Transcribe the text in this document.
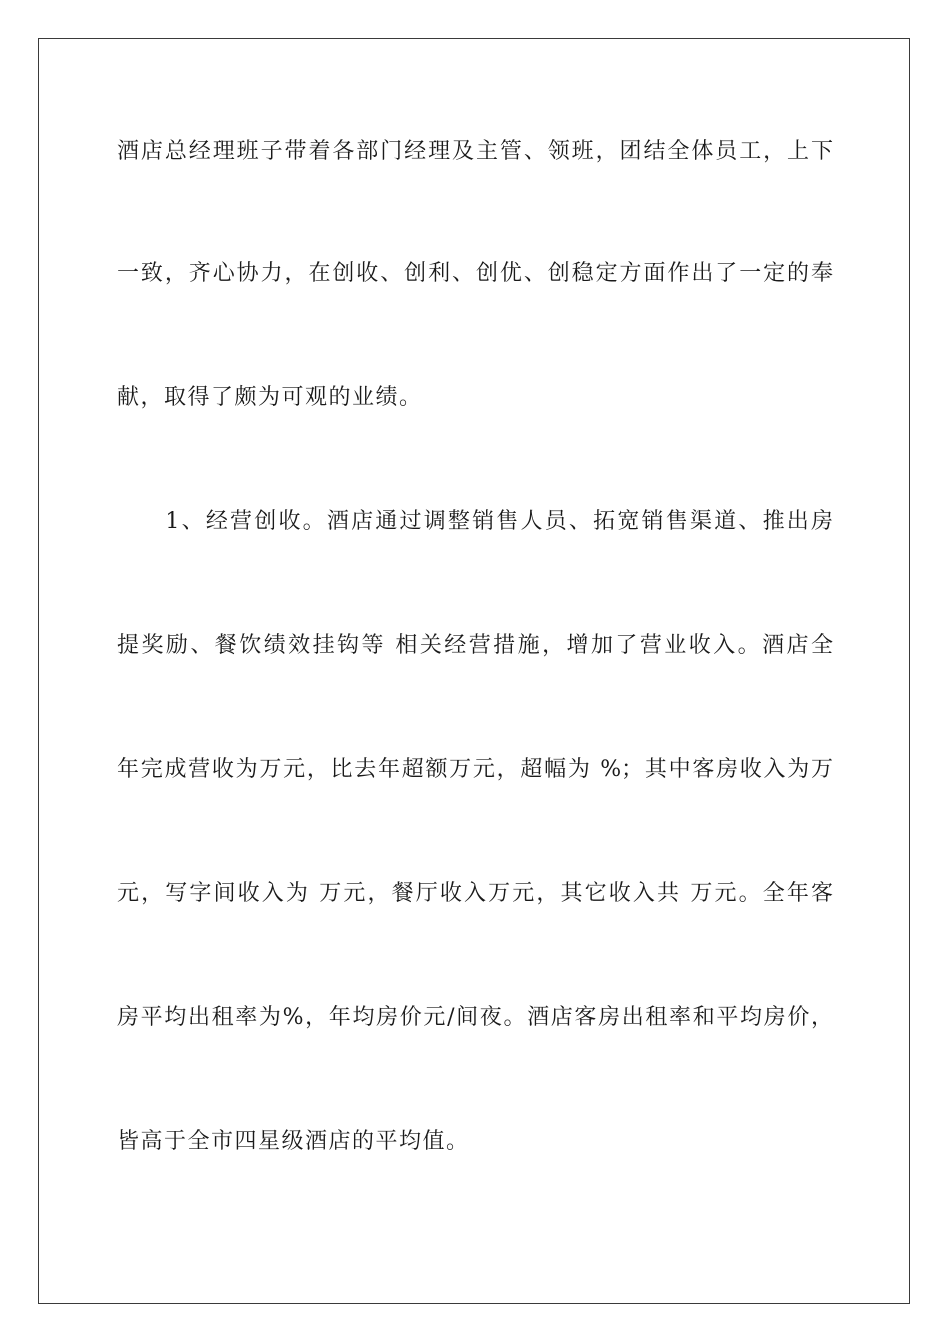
酒店总经理班子带着各部门经理及主管、领班，团结全体员工，上下
一致，齐心协力，在创收、创利、创优、创稳定方面作出了一定的奉
献，取得了颇为可观的业绩。
　　1、经营创收。酒店通过调整销售人员、拓宽销售渠道、推出房
提奖励、餐饮绩效挂钩等 相关经营措施，增加了营业收入。酒店全
年完成营收为万元，比去年超额万元，超幅为 %；其中客房收入为万
元，写字间收入为 万元，餐厅收入万元，其它收入共 万元。全年客
房平均出租率为%，年均房价元/间夜。酒店客房出租率和平均房价，
皆高于全市四星级酒店的平均值。
